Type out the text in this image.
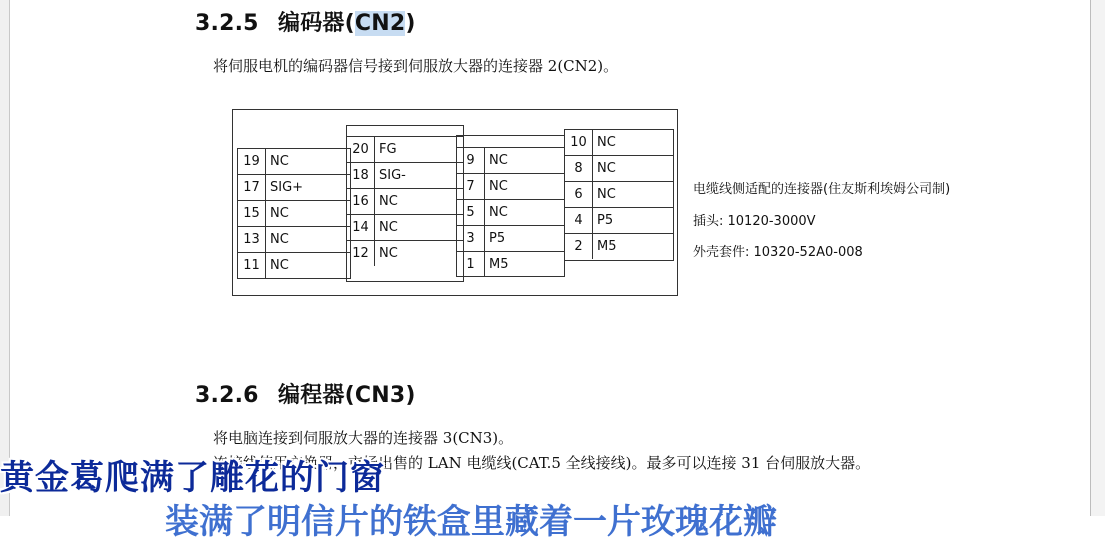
3.2.5 编码器(CN2)
将伺服电机的编码器信号接到伺服放大器的连接器 2(CN2)。
19 NC
17 SIG+
15 NC
13 NC
11 NC
20 FG
18 SIG-
16 NC
14 NC
12 NC
9	NC
7	NC
5	NC
3	P5
1	M5
10 NC
8	NC
6	NC
4	P5
2	M5
电缆线侧适配的连接器(住友斯利埃姆公司制)
插头: 10120-3000V
外壳套件: 10320-52A0-008
3.2.6 编程器(CN3)
将电脑连接到伺服放大器的连接器 3(CN3)。
连接线使用交换器，市场出售的 LAN 电缆线(CAT.5 全线接线)。最多可以连接 31 台伺服放大器。
黄金葛爬满了雕花的门窗
装满了明信片的铁盒里藏着一片玫瑰花瓣
